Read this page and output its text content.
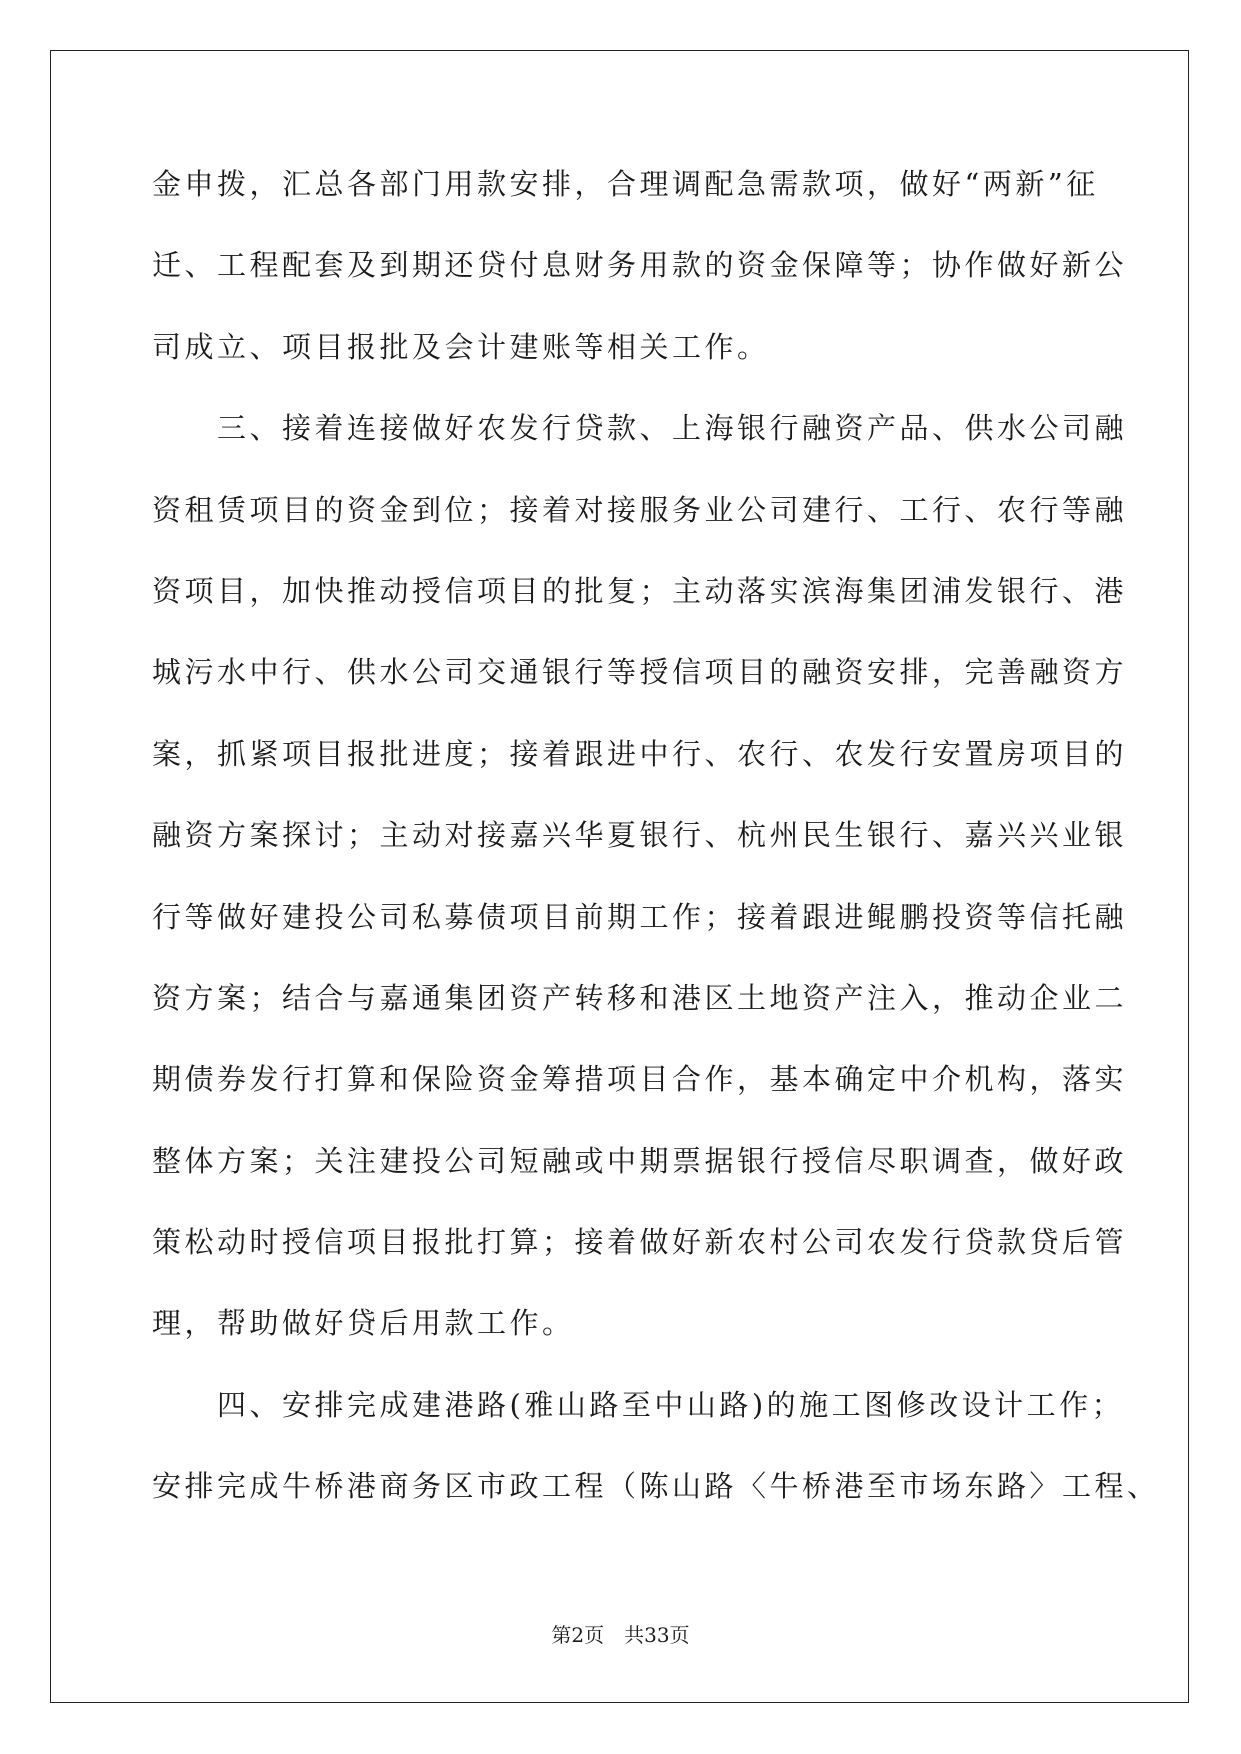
金申拨，汇总各部门用款安排，合理调配急需款项，做好“两新”征
迁、工程配套及到期还贷付息财务用款的资金保障等；协作做好新公
司成立、项目报批及会计建账等相关工作。
　　三、接着连接做好农发行贷款、上海银行融资产品、供水公司融
资租赁项目的资金到位；接着对接服务业公司建行、工行、农行等融
资项目，加快推动授信项目的批复；主动落实滨海集团浦发银行、港
城污水中行、供水公司交通银行等授信项目的融资安排，完善融资方
案，抓紧项目报批进度；接着跟进中行、农行、农发行安置房项目的
融资方案探讨；主动对接嘉兴华夏银行、杭州民生银行、嘉兴兴业银
行等做好建投公司私募债项目前期工作；接着跟进鲲鹏投资等信托融
资方案；结合与嘉通集团资产转移和港区土地资产注入，推动企业二
期债券发行打算和保险资金筹措项目合作，基本确定中介机构，落实
整体方案；关注建投公司短融或中期票据银行授信尽职调查，做好政
策松动时授信项目报批打算；接着做好新农村公司农发行贷款贷后管
理，帮助做好贷后用款工作。
　　四、安排完成建港路(雅山路至中山路)的施工图修改设计工作；
安排完成牛桥港商务区市政工程（陈山路〈牛桥港至市场东路〉工程、
第2页　共33页
